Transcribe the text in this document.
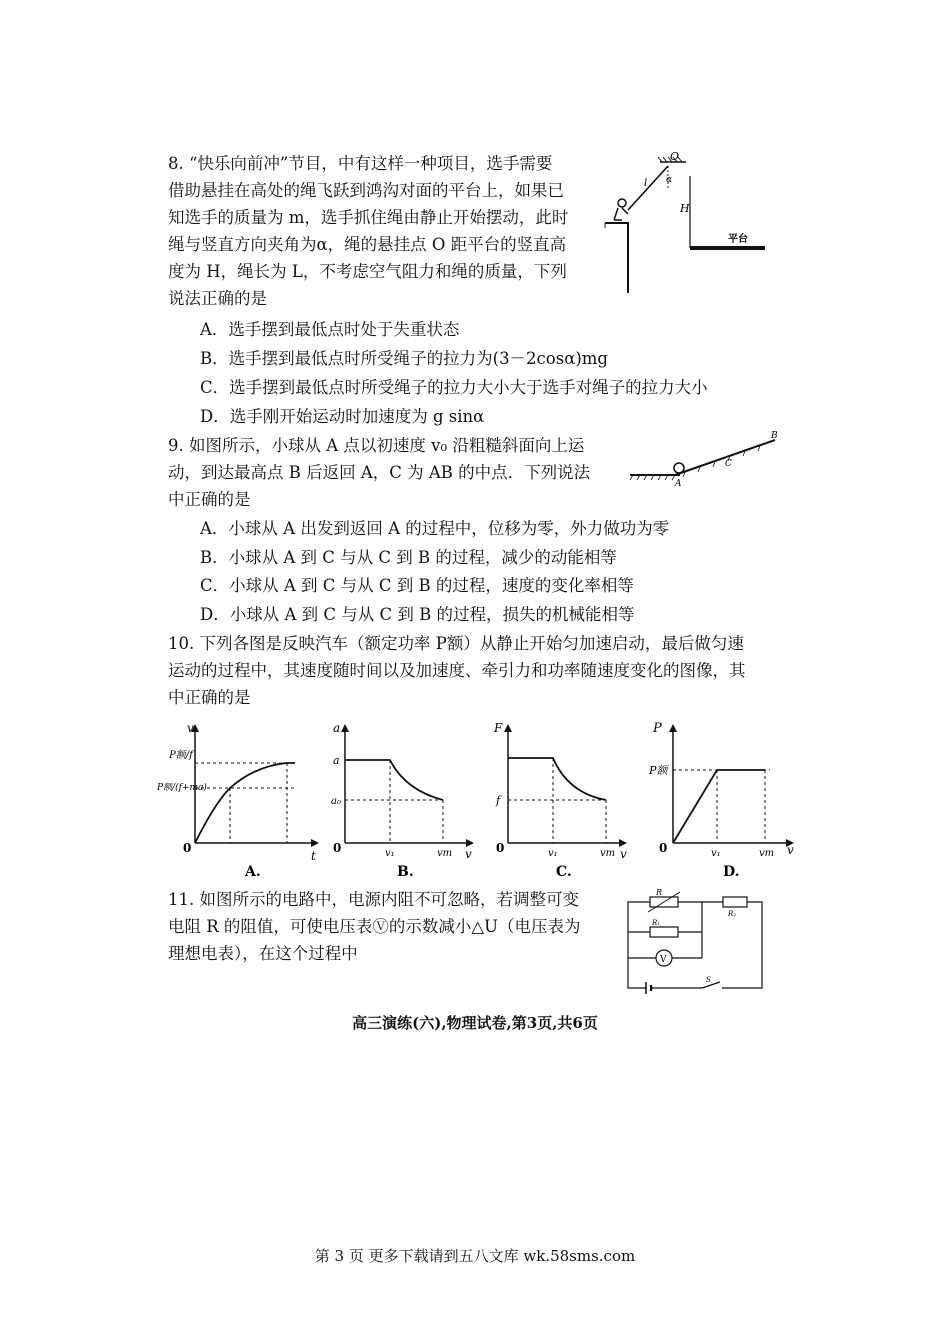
8. “快乐向前冲”节目，中有这样一种项目，选手需要
借助悬挂在高处的绳飞跃到鸿沟对面的平台上，如果已
知选手的质量为 m，选手抓住绳由静止开始摆动，此时
绳与竖直方向夹角为α，绳的悬挂点 O 距平台的竖直高
度为 H，绳长为 L，不考虑空气阻力和绳的质量，下列
说法正确的是
A．选手摆到最低点时处于失重状态
B．选手摆到最低点时所受绳子的拉力为(3－2cosα)mg
C．选手摆到最低点时所受绳子的拉力大小大于选手对绳子的拉力大小
D．选手刚开始运动时加速度为 g sinα
O
α
l
H
平台
9. 如图所示，小球从 A 点以初速度 v₀ 沿粗糙斜面向上运
动，到达最高点 B 后返回 A，C 为 AB 的中点．下列说法
中正确的是
A．小球从 A 出发到返回 A 的过程中，位移为零，外力做功为零
B．小球从 A 到 C 与从 C 到 B 的过程，减少的动能相等
C．小球从 A 到 C 与从 C 到 B 的过程，速度的变化率相等
D．小球从 A 到 C 与从 C 到 B 的过程，损失的机械能相等
A
C
B
10. 下列各图是反映汽车（额定功率 P额）从静止开始匀加速启动，最后做匀速
运动的过程中，其速度随时间以及加速度、牵引力和功率随速度变化的图像，其
中正确的是
v
t
0
P额/f
P额/(f+ma)
A.
a
v
0
a
a₀
v₁	vm
B.
F
v
0
f
v₁	vm
C.
P
v
0
P额
v₁	vm
D.
11. 如图所示的电路中，电源内阻不可忽略，若调整可变
电阻 R 的阻值，可使电压表Ⓥ的示数减小△U（电压表为
理想电表），在这个过程中
R
R₂
R₁
V
S
高三演练(六),物理试卷,第3页,共6页
第 3 页 更多下载请到五八文库 wk.58sms.com
